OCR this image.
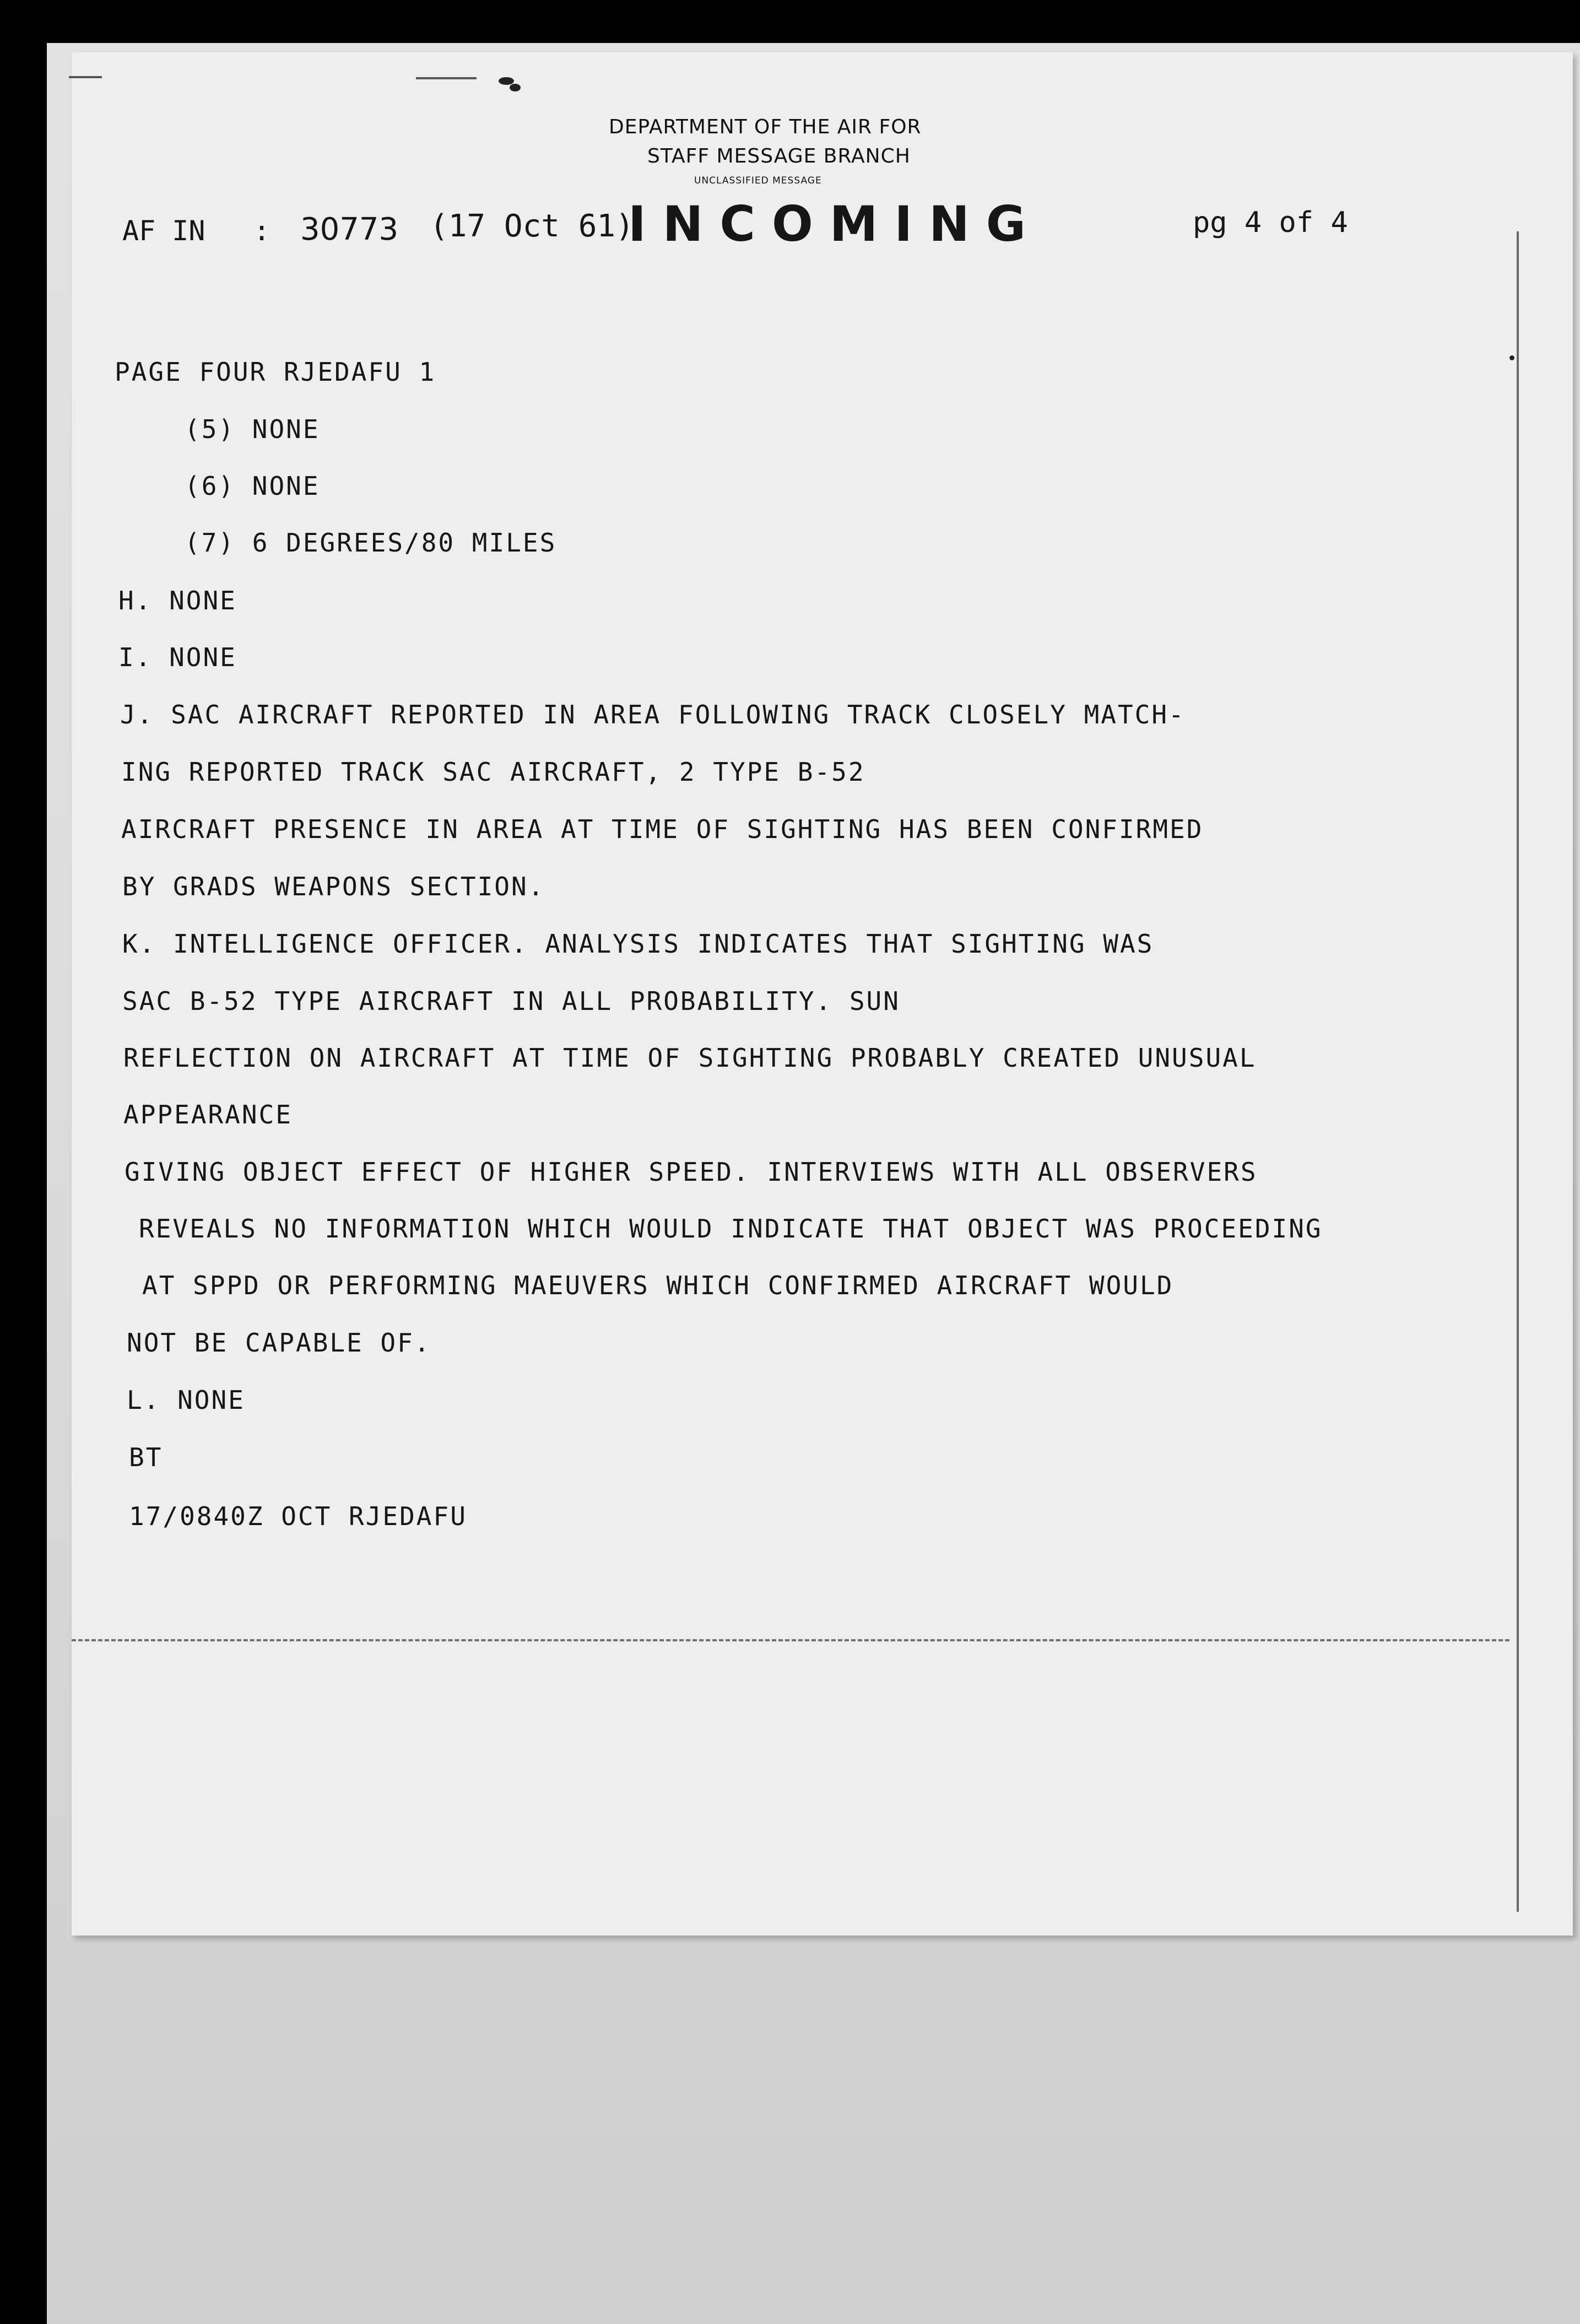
DEPARTMENT OF THE AIR FOR
STAFF MESSAGE BRANCH
UNCLASSIFIED MESSAGE
AF IN : 30773 (17 Oct 61)
INCOMING	pg 4 of 4
PAGE FOUR RJEDAFU 1
(5) NONE
(6) NONE
(7) 6 DEGREES/80 MILES
H. NONE
I. NONE
J. SAC AIRCRAFT REPORTED IN AREA FOLLOWING TRACK CLOSELY MATCH-
ING REPORTED TRACK SAC AIRCRAFT, 2 TYPE B-52
AIRCRAFT PRESENCE IN AREA AT TIME OF SIGHTING HAS BEEN CONFIRMED
BY GRADS WEAPONS SECTION.
K. INTELLIGENCE OFFICER. ANALYSIS INDICATES THAT SIGHTING WAS
SAC B-52 TYPE AIRCRAFT IN ALL PROBABILITY. SUN
REFLECTION ON AIRCRAFT AT TIME OF SIGHTING PROBABLY CREATED UNUSUAL
APPEARANCE
GIVING OBJECT EFFECT OF HIGHER SPEED. INTERVIEWS WITH ALL OBSERVERS
REVEALS NO INFORMATION WHICH WOULD INDICATE THAT OBJECT WAS PROCEEDING
AT SPPD OR PERFORMING MAEUVERS WHICH CONFIRMED AIRCRAFT WOULD
NOT BE CAPABLE OF.
L. NONE
BT
17/0840Z OCT RJEDAFU
